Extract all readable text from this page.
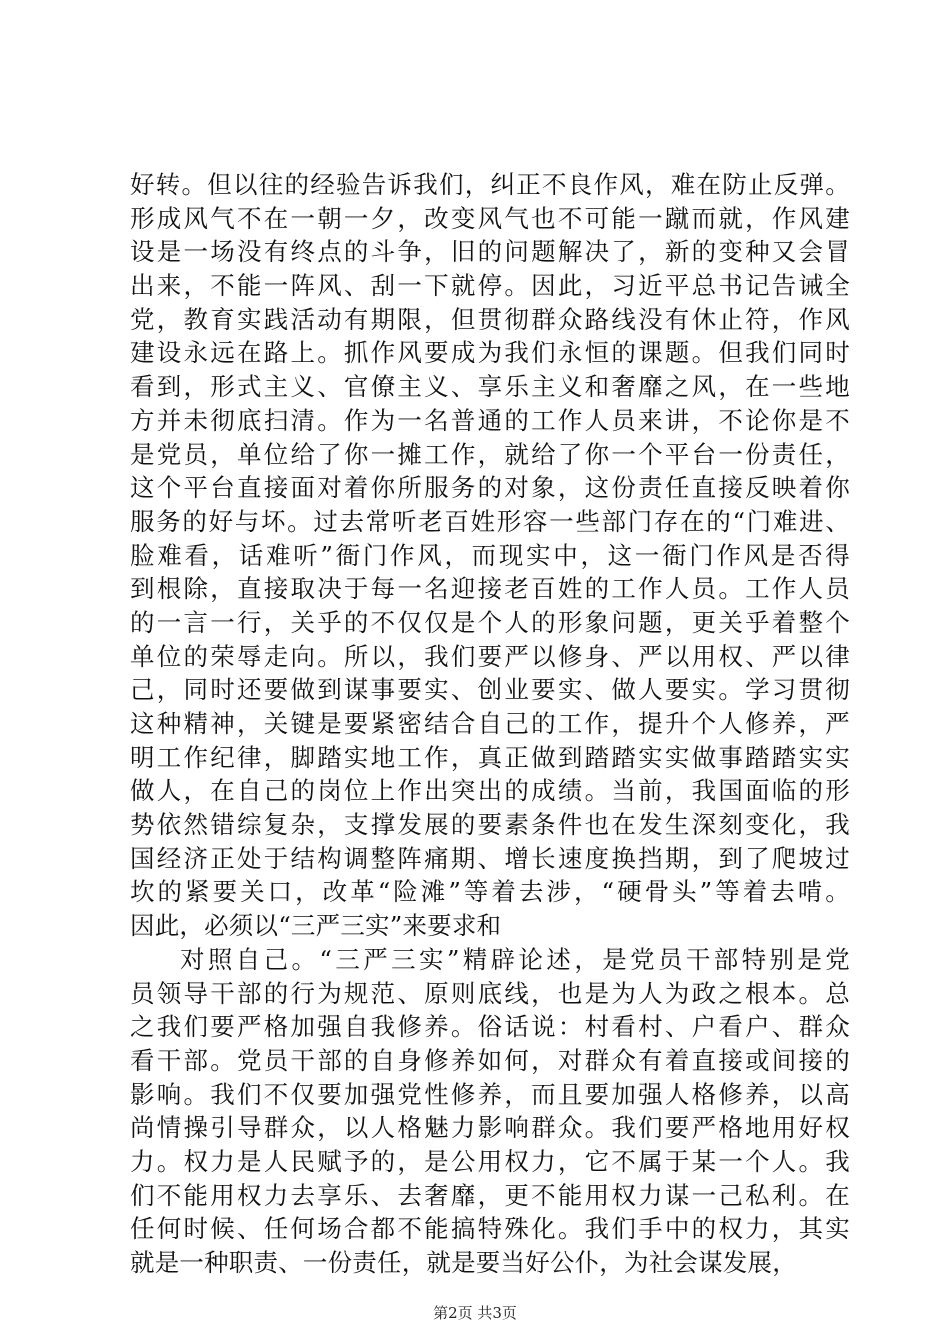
好转。但以往的经验告诉我们，纠正不良作风，难在防止反弹。
形成风气不在一朝一夕，改变风气也不可能一蹴而就，作风建
设是一场没有终点的斗争，旧的问题解决了，新的变种又会冒
出来，不能一阵风、刮一下就停。因此，习近平总书记告诫全
党，教育实践活动有期限，但贯彻群众路线没有休止符，作风
建设永远在路上。抓作风要成为我们永恒的课题。但我们同时
看到，形式主义、官僚主义、享乐主义和奢靡之风，在一些地
方并未彻底扫清。作为一名普通的工作人员来讲，不论你是不
是党员，单位给了你一摊工作，就给了你一个平台一份责任，
这个平台直接面对着你所服务的对象，这份责任直接反映着你
服务的好与坏。过去常听老百姓形容一些部门存在的“门难进、
脸难看，话难听”衙门作风，而现实中，这一衙门作风是否得
到根除，直接取决于每一名迎接老百姓的工作人员。工作人员
的一言一行，关乎的不仅仅是个人的形象问题，更关乎着整个
单位的荣辱走向。所以，我们要严以修身、严以用权、严以律
己，同时还要做到谋事要实、创业要实、做人要实。学习贯彻
这种精神，关键是要紧密结合自己的工作，提升个人修养，严
明工作纪律，脚踏实地工作，真正做到踏踏实实做事踏踏实实
做人，在自己的岗位上作出突出的成绩。当前，我国面临的形
势依然错综复杂，支撑发展的要素条件也在发生深刻变化，我
国经济正处于结构调整阵痛期、增长速度换挡期，到了爬坡过
坎的紧要关口，改革“险滩”等着去涉，“硬骨头”等着去啃。
因此，必须以“三严三实”来要求和
对照自己。“三严三实”精辟论述，是党员干部特别是党
员领导干部的行为规范、原则底线，也是为人为政之根本。总
之我们要严格加强自我修养。俗话说：村看村、户看户、群众
看干部。党员干部的自身修养如何，对群众有着直接或间接的
影响。我们不仅要加强党性修养，而且要加强人格修养，以高
尚情操引导群众，以人格魅力影响群众。我们要严格地用好权
力。权力是人民赋予的，是公用权力，它不属于某一个人。我
们不能用权力去享乐、去奢靡，更不能用权力谋一己私利。在
任何时候、任何场合都不能搞特殊化。我们手中的权力，其实
就是一种职责、一份责任，就是要当好公仆，为社会谋发展，
第2页 共3页
